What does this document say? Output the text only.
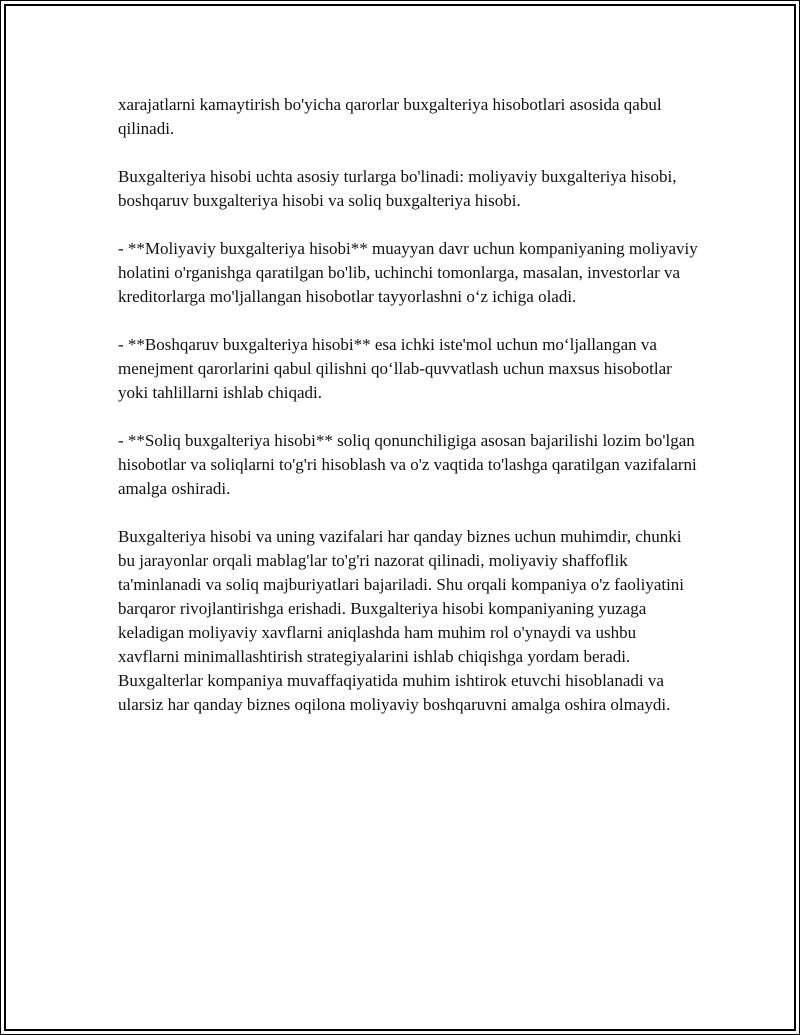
xarajatlarni kamaytirish bo'yicha qarorlar buxgalteriya hisobotlari asosida qabul qilinadi.

Buxgalteriya hisobi uchta asosiy turlarga bo'linadi: moliyaviy buxgalteriya hisobi, boshqaruv buxgalteriya hisobi va soliq buxgalteriya hisobi.

- **Moliyaviy buxgalteriya hisobi** muayyan davr uchun kompaniyaning moliyaviy holatini o'rganishga qaratilgan bo'lib, uchinchi tomonlarga, masalan, investorlar va kreditorlarga mo'ljallangan hisobotlar tayyorlashni o‘z ichiga oladi.

- **Boshqaruv buxgalteriya hisobi** esa ichki iste'mol uchun mo‘ljallangan va menejment qarorlarini qabul qilishni qo‘llab-quvvatlash uchun maxsus hisobotlar yoki tahlillarni ishlab chiqadi.

- **Soliq buxgalteriya hisobi** soliq qonunchiligiga asosan bajarilishi lozim bo'lgan hisobotlar va soliqlarni to'g'ri hisoblash va o'z vaqtida to'lashga qaratilgan vazifalarni amalga oshiradi.

Buxgalteriya hisobi va uning vazifalari har qanday biznes uchun muhimdir, chunki bu jarayonlar orqali mablag'lar to'g'ri nazorat qilinadi, moliyaviy shaffoflik ta'minlanadi va soliq majburiyatlari bajariladi. Shu orqali kompaniya o'z faoliyatini barqaror rivojlantirishga erishadi. Buxgalteriya hisobi kompaniyaning yuzaga keladigan moliyaviy xavflarni aniqlashda ham muhim rol o'ynaydi va ushbu xavflarni minimallashtirish strategiyalarini ishlab chiqishga yordam beradi. Buxgalterlar kompaniya muvaffaqiyatida muhim ishtirok etuvchi hisoblanadi va ularsiz har qanday biznes oqilona moliyaviy boshqaruvni amalga oshira olmaydi.
